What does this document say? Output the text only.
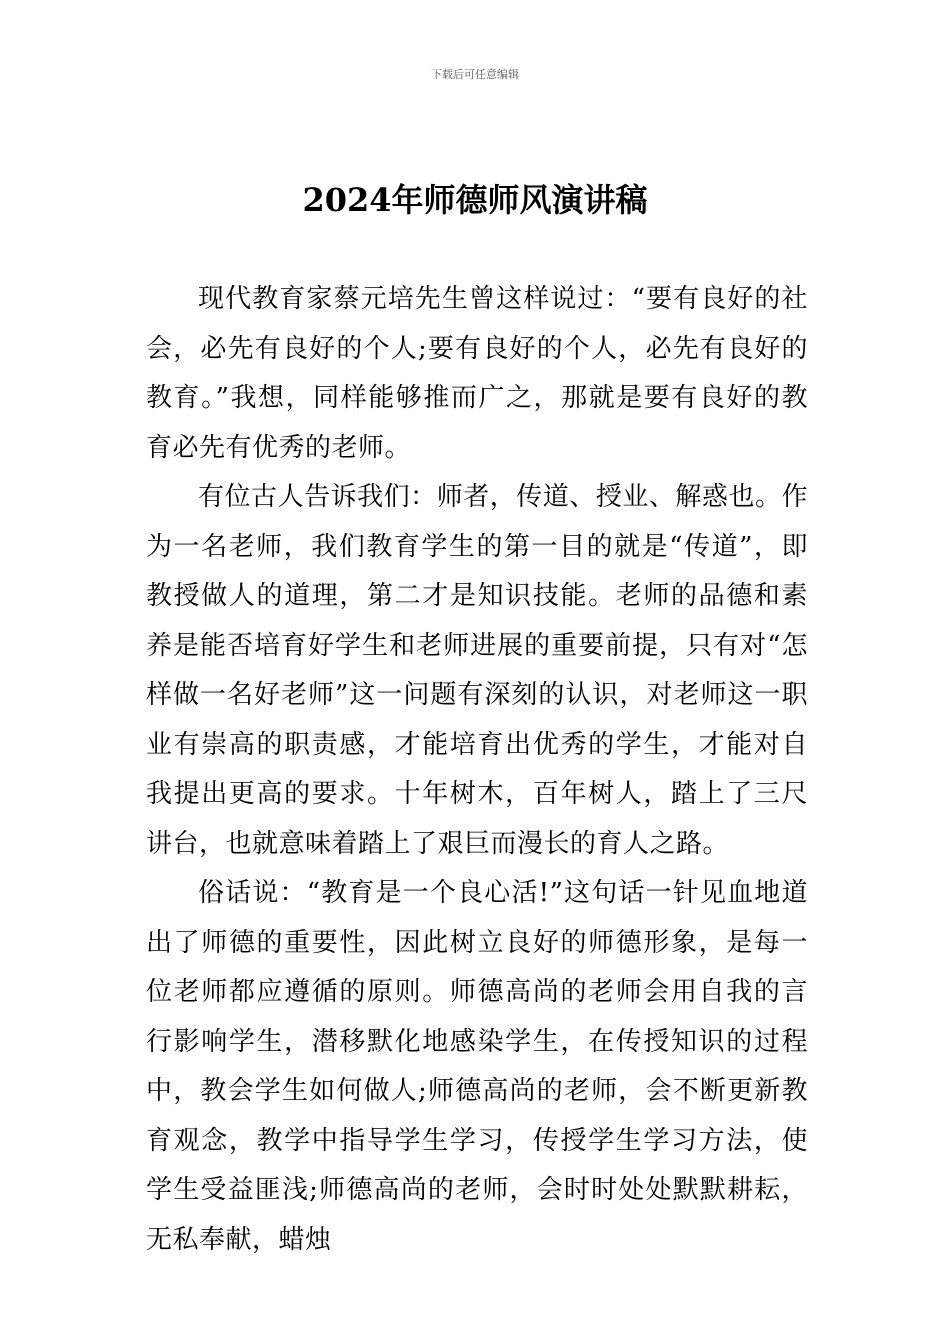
下载后可任意编辑
2024年师德师风演讲稿

现代教育家蔡元培先生曾这样说过：“要有良好的社会，必先有良好的个人;要有良好的个人，必先有良好的教育。”我想，同样能够推而广之，那就是要有良好的教育必先有优秀的老师。

有位古人告诉我们：师者，传道、授业、解惑也。作为一名老师，我们教育学生的第一目的就是“传道”，即教授做人的道理，第二才是知识技能。老师的品德和素养是能否培育好学生和老师进展的重要前提，只有对“怎样做一名好老师”这一问题有深刻的认识，对老师这一职业有崇高的职责感，才能培育出优秀的学生，才能对自我提出更高的要求。十年树木，百年树人，踏上了三尺讲台，也就意味着踏上了艰巨而漫长的育人之路。

俗话说：“教育是一个良心活!”这句话一针见血地道出了师德的重要性，因此树立良好的师德形象，是每一位老师都应遵循的原则。师德高尚的老师会用自我的言行影响学生，潜移默化地感染学生，在传授知识的过程中，教会学生如何做人;师德高尚的老师，会不断更新教育观念，教学中指导学生学习，传授学生学习方法，使学生受益匪浅;师德高尚的老师，会时时处处默默耕耘，无私奉献，蜡烛
